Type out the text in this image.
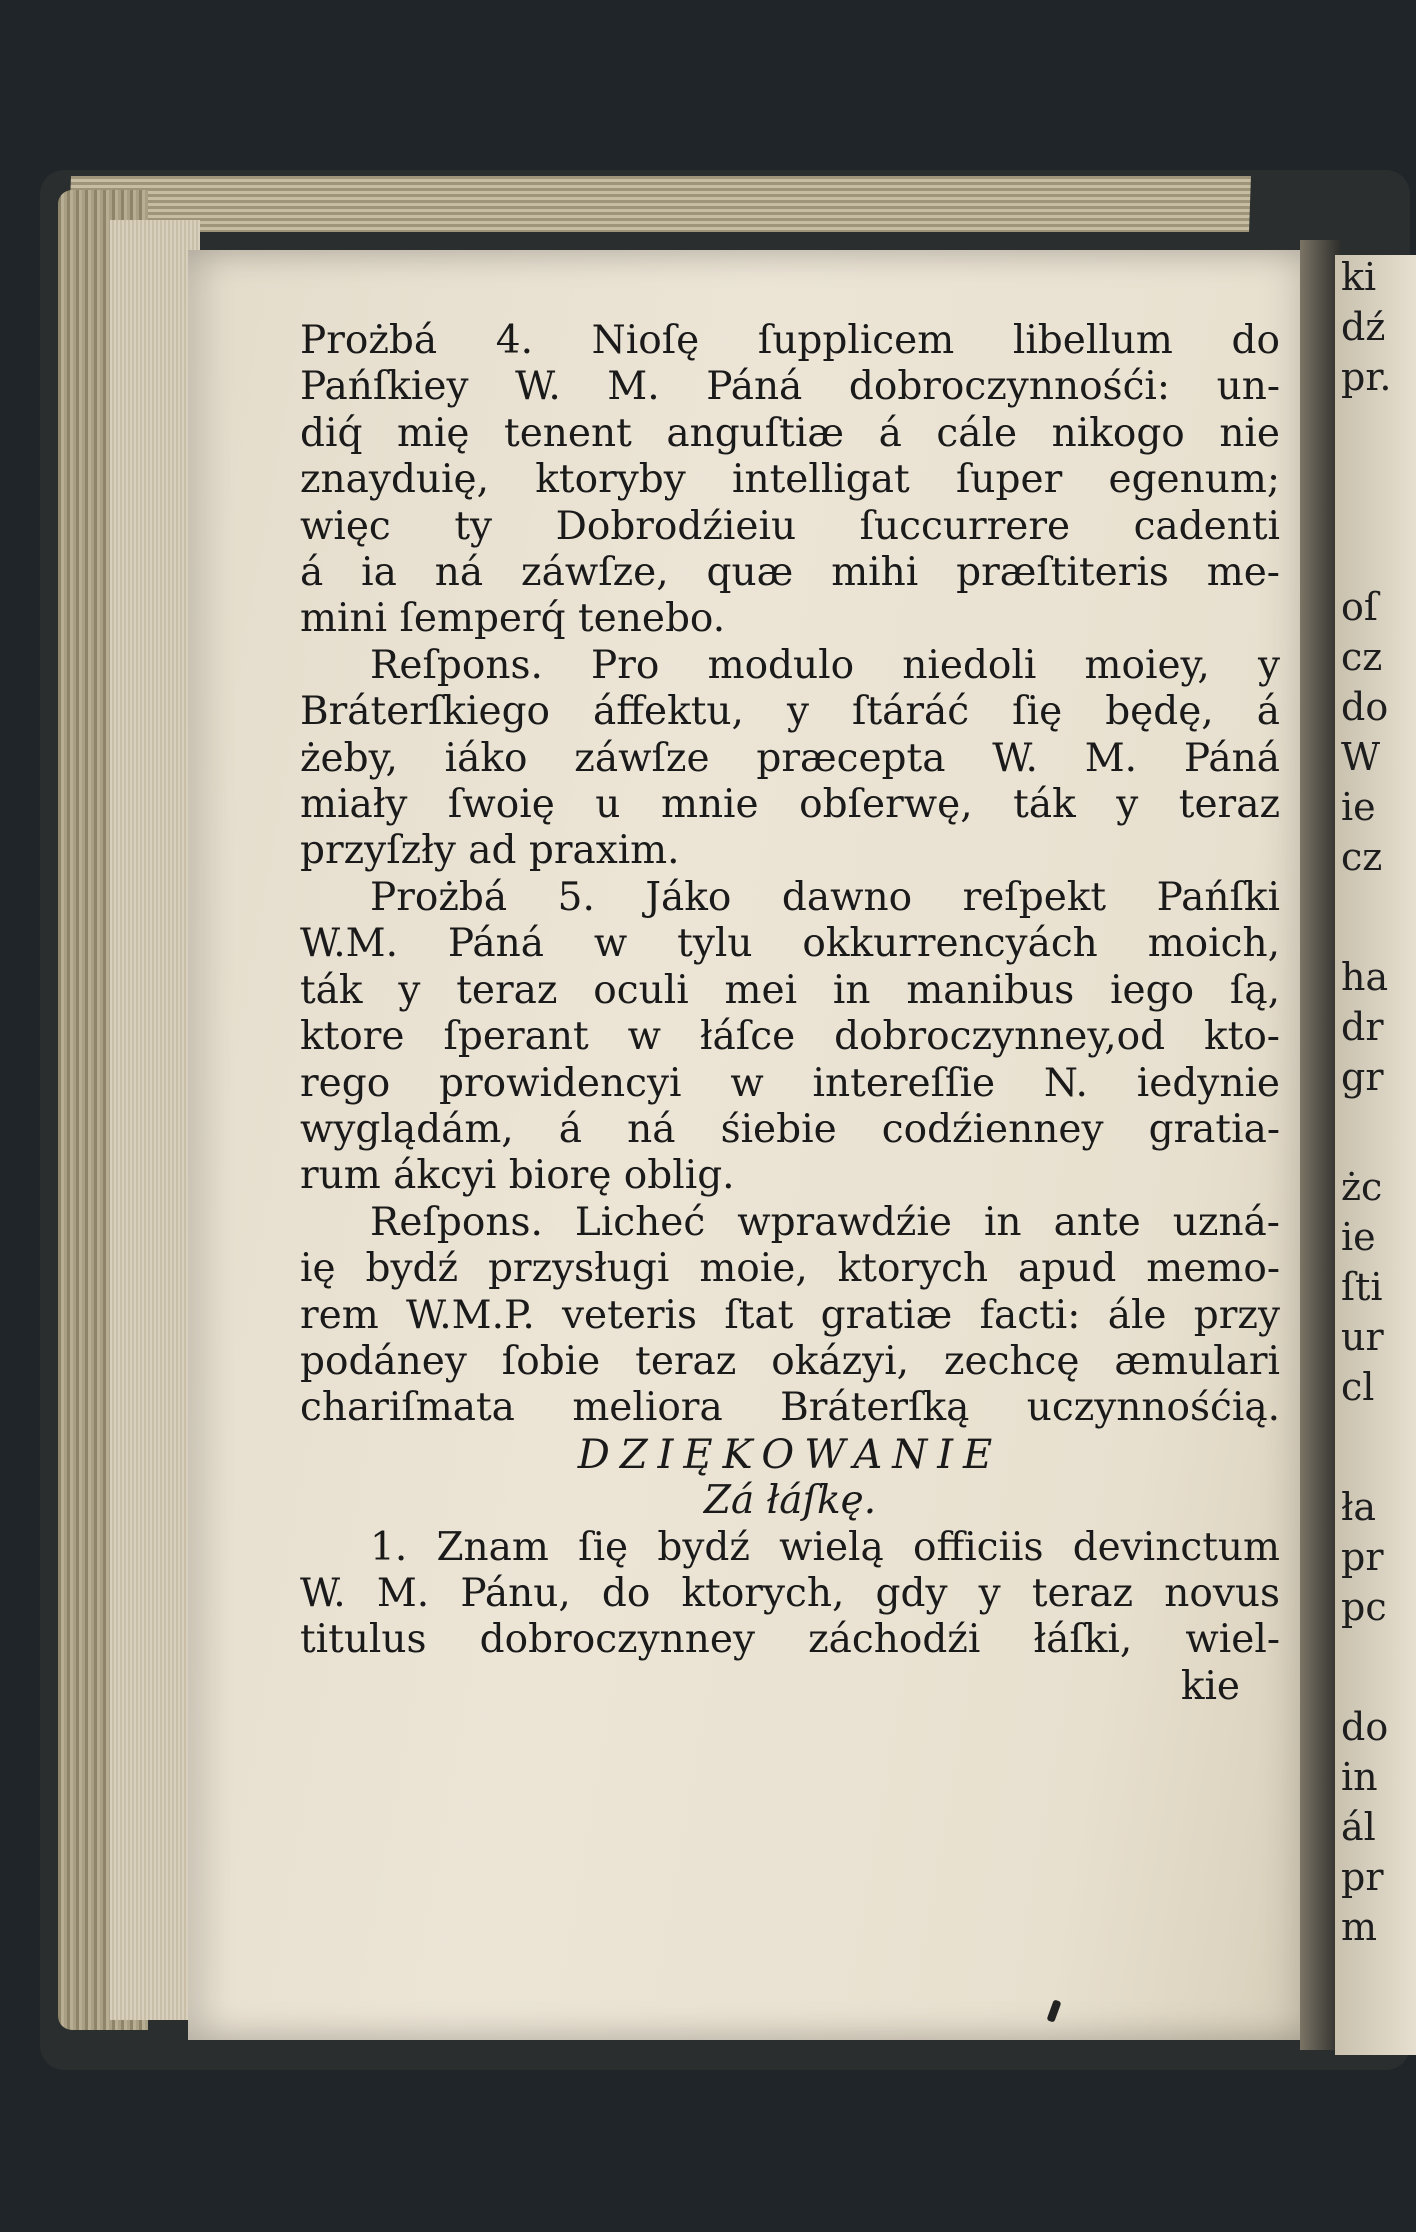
ki
dź
pr.
oſ
cz
do
W
ie
cz
ha
dr
gr
żc
ie
ſti
ur
cl
ła
pr
pc
do
in
ál
pr
m
Prożbá 4. Nioſę ſupplicem libellum do
Pańſkiey W. M. Páná dobroczynnośći: un-
diq́ mię tenent anguſtiæ á cále nikogo nie
znayduię, ktoryby intelligat ſuper egenum;
więc ty Dobrodźieiu ſuccurrere cadenti
á ia ná záwſze, quæ mihi præſtiteris me-
mini ſemperq́ tenebo.
Reſpons. Pro modulo niedoli moiey, y
Bráterſkiego áffektu, y ſtáráć ſię będę, á
żeby, iáko záwſze præcepta W. M. Páná
miały ſwoię u mnie obſerwę, ták y teraz
przyſzły ad praxim.
Prożbá 5. Jáko dawno reſpekt Pańſki
W.M. Páná w tylu okkurrencyách moich,
ták y teraz oculi mei in manibus iego ſą,
ktore ſperant w łáſce dobroczynney,od kto-
rego prowidencyi w intereſſie N. iedynie
wyglądám, á ná śiebie codźienney gratia-
rum ákcyi biorę oblig.
Reſpons. Licheć wprawdźie in ante uzná-
ię bydź przysługi moie, ktorych apud memo-
rem W.M.P. veteris ſtat gratiæ facti: ále przy
podáney ſobie teraz okázyi, zechcę æmulari
chariſmata meliora Bráterſką uczynnośćią.
DZIĘKOWANIE
Zá łáſkę.
1. Znam ſię bydź wielą officiis devinctum
W. M. Pánu, do ktorych, gdy y teraz novus
titulus dobroczynney záchodźi łáſki, wiel-
kie
